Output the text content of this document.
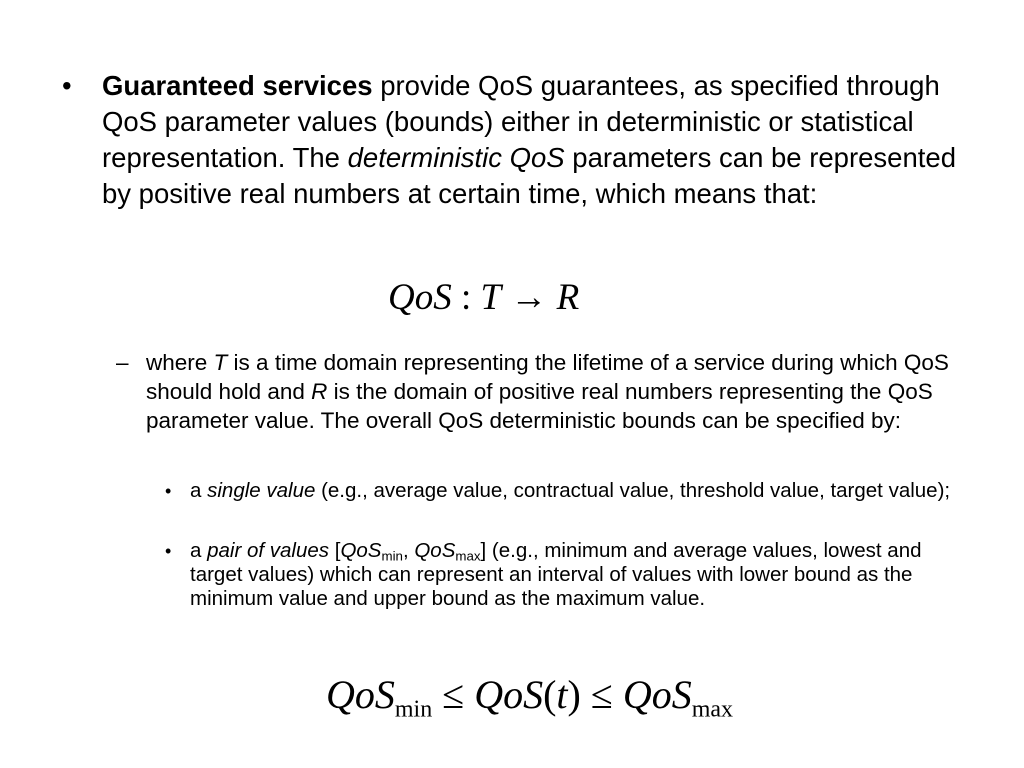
• Guaranteed services provide QoS guarantees, as specified through QoS parameter values (bounds) either in deterministic or statistical representation. The deterministic QoS parameters can be represented by positive real numbers at certain time, which means that:
QoS : T → R
– where T is a time domain representing the lifetime of a service during which QoS should hold and R is the domain of positive real numbers representing the QoS parameter value. The overall QoS deterministic bounds can be specified by:
• a single value (e.g., average value, contractual value, threshold value, target value);
• a pair of values [QoS$_{min}$, QoS$_{max}$] (e.g., minimum and average values, lowest and target values) which can represent an interval of values with lower bound as the minimum value and upper bound as the maximum value.
QoS$_{min}$ ≤ QoS(t) ≤ QoS$_{max}$
